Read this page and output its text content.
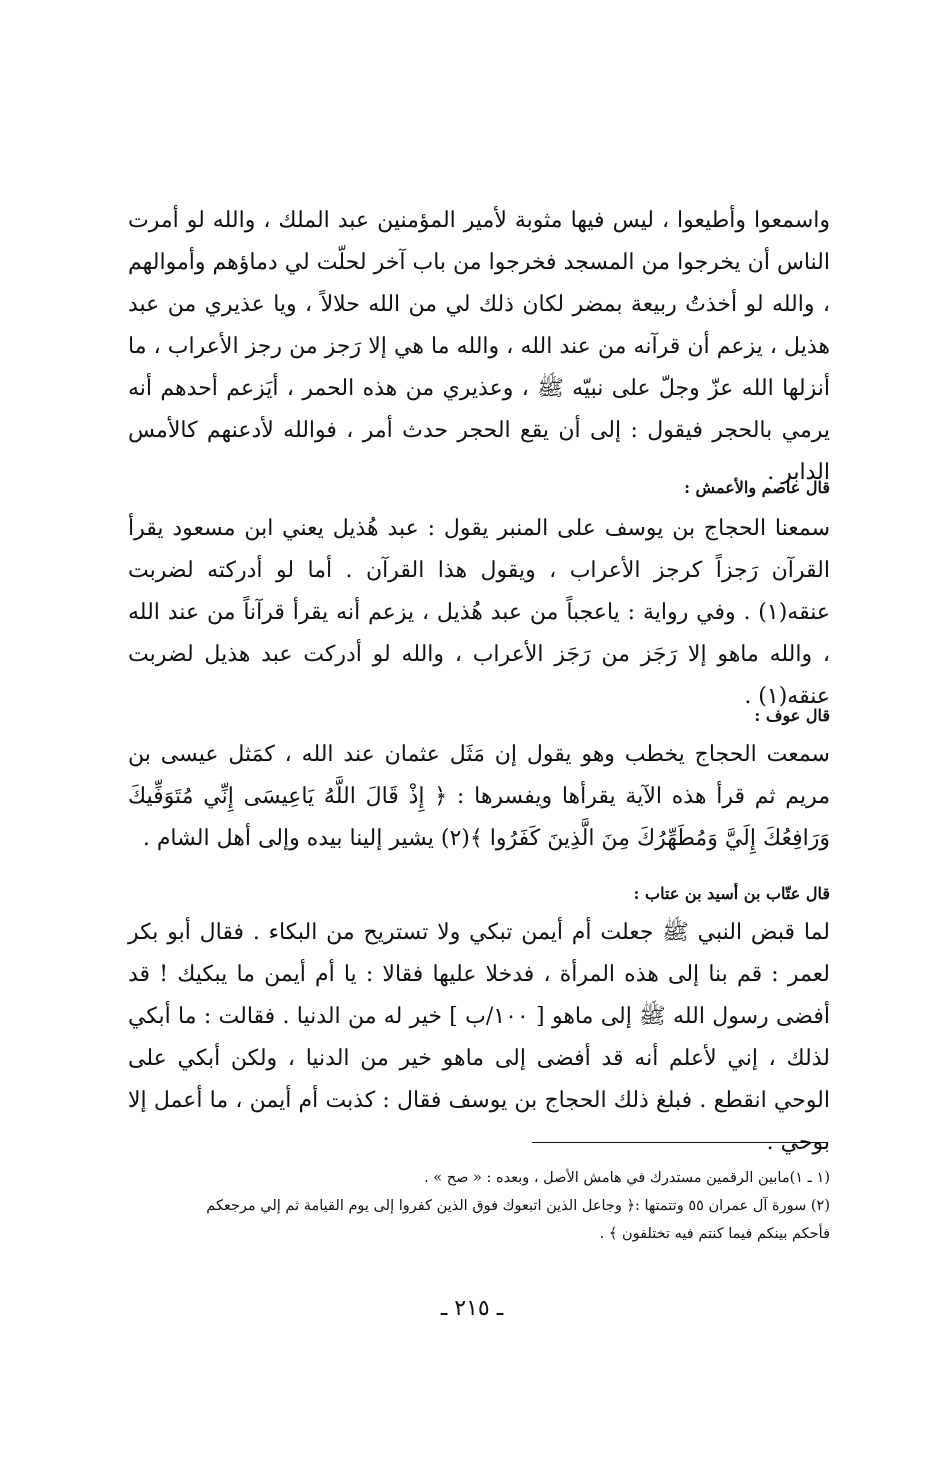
واسمعوا وأطيعوا ، ليس فيها مثوبة لأمير المؤمنين عبد الملك ، والله لو أمرت الناس أن يخرجوا من المسجد فخرجوا من باب آخر لحلّت لي دماؤهم وأموالهم ، والله لو أخذتُ ربيعة بمضر لكان ذلك لي من الله حلالاً ، ويا عذيري من عبد هذيل ، يزعم أن قرآنه من عند الله ، والله ما هي إلا رَجز من رجز الأعراب ، ما أنزلها الله عزّ وجلّ على نبيّه ﷺ ، وعذيري من هذه الحمر ، أيَزعم أحدهم أنه يرمي بالحجر فيقول : إلى أن يقع الحجر حدث أمر ، فوالله لأدعنهم كالأمس الدابر .

قال عاصم والأعمش :

سمعنا الحجاج بن يوسف على المنبر يقول : عبد هُذيل يعني ابن مسعود يقرأ القرآن رَجزاً كرجز الأعراب ، ويقول هذا القرآن . أما لو أدركته لضربت عنقه(١) . وفي رواية : ياعجباً من عبد هُذيل ، يزعم أنه يقرأ قرآناً من عند الله ، والله ماهو إلا رَجَز من رَجَز الأعراب ، والله لو أدركت عبد هذيل لضربت عنقه(١) .

قال عوف :

سمعت الحجاج يخطب وهو يقول إن مَثَل عثمان عند الله ، كمَثل عيسى بن مريم ثم قرأ هذه الآية يقرأها ويفسرها : ﴿ إِذْ قَالَ اللَّهُ يَاعِيسَى إِنِّي مُتَوَفِّيكَ وَرَافِعُكَ إِلَيَّ وَمُطَهِّرُكَ مِنَ الَّذِينَ كَفَرُوا ﴾(٢) يشير إلينا بيده وإلى أهل الشام .

قال عتّاب بن أسيد بن عتاب :

لما قبض النبي ﷺ جعلت أم أيمن تبكي ولا تستريح من البكاء . فقال أبو بكر لعمر : قم بنا إلى هذه المرأة ، فدخلا عليها فقالا : يا أم أيمن ما يبكيك ! قد أفضى رسول الله ﷺ إلى ماهو [ ١٠٠/ب ] خير له من الدنيا . فقالت : ما أبكي لذلك ، إني لأعلم أنه قد أفضى إلى ماهو خير من الدنيا ، ولكن أبكي على الوحي انقطع . فبلغ ذلك الحجاج بن يوسف فقال : كذبت أم أيمن ، ما أعمل إلا بوحي .

(١ ـ ١)مابين الرقمين مستدرك في هامش الأصل ، وبعده : « صح » .

(٢) سورة آل عمران ٥٥ وتتمتها :﴿ وجاعل الذين اتبعوك فوق الذين كفروا إلى يوم القيامة ثم إلي مرجعكم

فأحكم بينكم فيما كنتم فيه تختلفون ﴾ .

ـ ٢١٥ ـ
